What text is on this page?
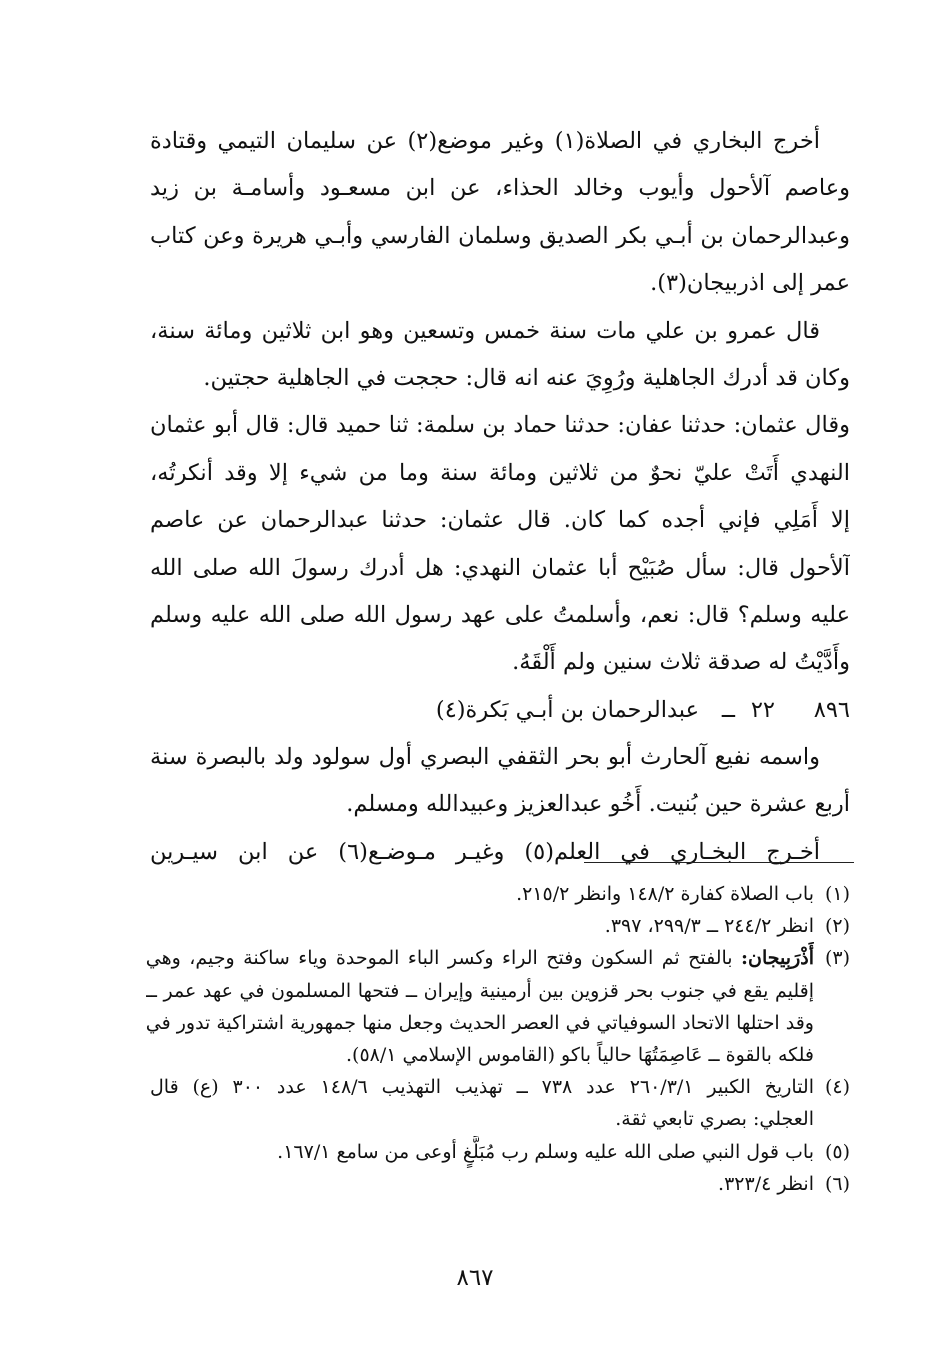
أخرج البخاري في الصلاة(١) وغير موضع(٢) عن سليمان التيمي وقتادة
وعاصم آلأحول وأيوب وخالد الحذاء، عن ابن مسعـود وأسامـة بن زيد
وعبدالرحمان بن أبـي بكر الصديق وسلمان الفارسي وأبـي هريرة وعن كتاب
عمر إلى اذربيجان(٣).

قال عمرو بن علي مات سنة خمس وتسعين وهو ابن ثلاثين ومائة سنة،
وكان قد أدرك الجاهلية ورُوِيَ عنه انه قال: حججت في الجاهلية حجتين.

وقال عثمان: حدثنا عفان: حدثنا حماد بن سلمة: ثنا حميد قال: قال أبو عثمان
النهدي أَتَتْ عليّ نحوٌ من ثلاثين ومائة سنة وما من شيء إلا وقد أنكرتُه،
إلا أَمَلِي فإني أجده كما كان. قال عثمان: حدثنا عبدالرحمان عن عاصم
آلأحول قال: سأل صُبَيْح أبا عثمان النهدي: هل أدرك رسولَ الله صلى الله
عليه وسلم؟ قال: نعم، وأسلمتُ على عهد رسول الله صلى الله عليه وسلم
وأَدَّيْتُ له صدقة ثلاث سنين ولم أَلْقَهُ.

٨٩٦
٢٢
ــ
عبدالرحمان بن أبـي بَكرة(٤)

واسمه نفيع آلحارث أبو بحر الثقفي البصري أول سولود ولد بالبصرة سنة
أربع عشرة حين بُنيت. أَخُو عبدالعزيز وعبيدالله ومسلم.

أخـرج البخـاري في العلم(٥) وغيـر مـوضـع(٦) عن ابن سيـرين

(١)
باب الصلاة كفارة ١٤٨/٢ وانظر ٢١٥/٢.
(٢)
انظر ٢٤٤/٢ ــ ٢٩٩/٣، ٣٩٧.
(٣)
أَذْرَبِيجان: بالفتح ثم السكون وفتح الراء وكسر الباء الموحدة وياء ساكنة وجيم، وهي
إقليم يقع في جنوب بحر قزوين بين أرمينية وإيران ــ فتحها المسلمون في عهد عمر ــ
وقد احتلها الاتحاد السوفياتي في العصر الحديث وجعل منها جمهورية اشتراكية تدور في
فلكه بالقوة ــ عَاصِمَتُهَا حالياً باكو (القاموس الإسلامي ٥٨/١).
(٤)
التاريخ الكبير ٢٦٠/٣/١ عدد ٧٣٨ ــ تهذيب التهذيب ١٤٨/٦ عدد ٣٠٠ (ع) قال
العجلي: بصري تابعي ثقة.
(٥)
باب قول النبي صلى الله عليه وسلم رب مُبَلَّغٍ أوعى من سامع ١٦٧/١.
(٦)
انظر ٣٢٣/٤.
٨٦٧
